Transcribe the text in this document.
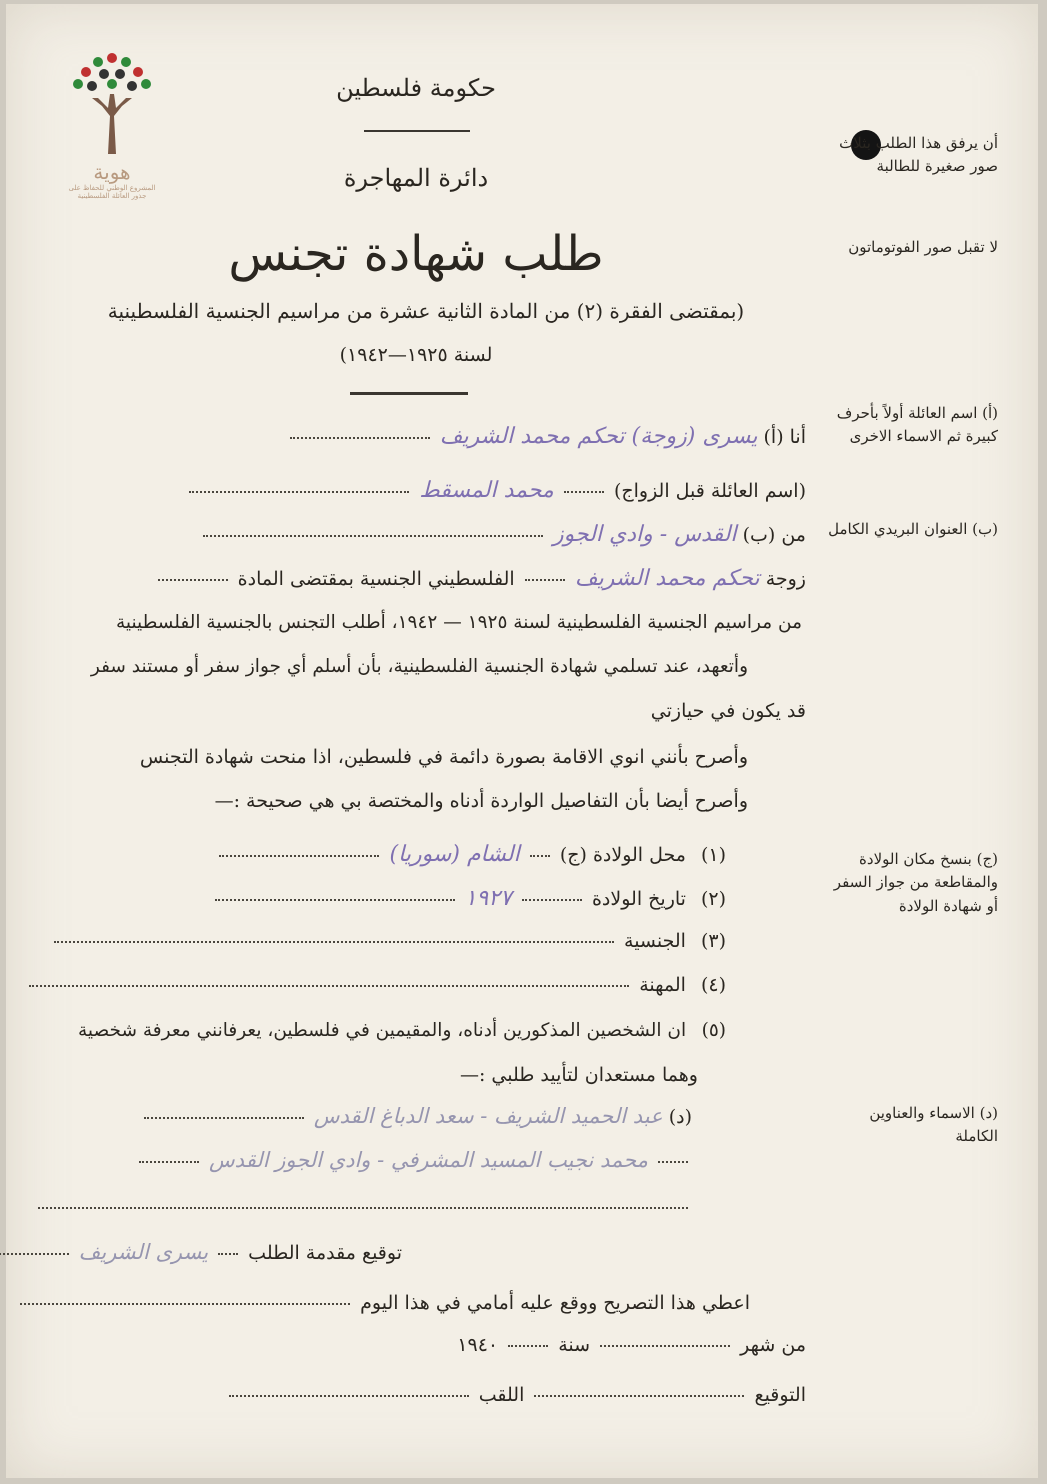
هوية
المشروع الوطني للحفاظ على
جذور العائلة الفلسطينية
حكومة فلسطين
دائرة المهاجرة
طلب شهادة تجنس
(بمقتضى الفقرة (٢) من المادة الثانية عشرة من مراسيم الجنسية الفلسطينية
لسنة ١٩٢٥—١٩٤٢)
أن يرفق هذا الطلب بثلاث صور صغيرة للطالبة
لا تقبل صور الفوتوماتون
(أ) اسم العائلة أولاً بأحرف كبيرة ثم الاسماء الاخرى
(ب) العنوان البريدي الكامل
(ج) بنسخ مكان الولادة والمقاطعة من جواز السفر أو شهادة الولادة
(د) الاسماء والعناوين الكاملة
أنا (أ) يسرى (زوجة) تحكم محمد الشريف
(اسم العائلة قبل الزواج)  محمد المسقط
من (ب) القدس - وادي الجوز
زوجة تحكم محمد الشريف  الفلسطيني الجنسية بمقتضى المادة
من مراسيم الجنسية الفلسطينية لسنة ١٩٢٥ — ١٩٤٢، أطلب التجنس بالجنسية الفلسطينية
وأتعهد، عند تسلمي شهادة الجنسية الفلسطينية، بأن أسلم أي جواز سفر أو مستند سفر
قد يكون في حيازتي
وأصرح بأنني انوي الاقامة بصورة دائمة في فلسطين، اذا منحت شهادة التجنس
وأصرح أيضا بأن التفاصيل الواردة أدناه والمختصة بي هي صحيحة :—
(١) محل الولادة (ج)  الشام (سوريا)
(٢) تاريخ الولادة  ١٩٢٧
(٣) الجنسية
(٤) المهنة
(٥) ان الشخصين المذكورين أدناه، والمقيمين في فلسطين، يعرفانني معرفة شخصية
وهما مستعدان لتأييد طلبي :—
(د) عبد الحميد الشريف - سعد الدباغ القدس
محمد نجيب المسيد المشرفي - وادي الجوز القدس
توقيع مقدمة الطلب  يسرى الشريف
اعطي هذا التصريح ووقع عليه أمامي في هذا اليوم
من شهر  سنة  ١٩٤٠
التوقيع  اللقب
